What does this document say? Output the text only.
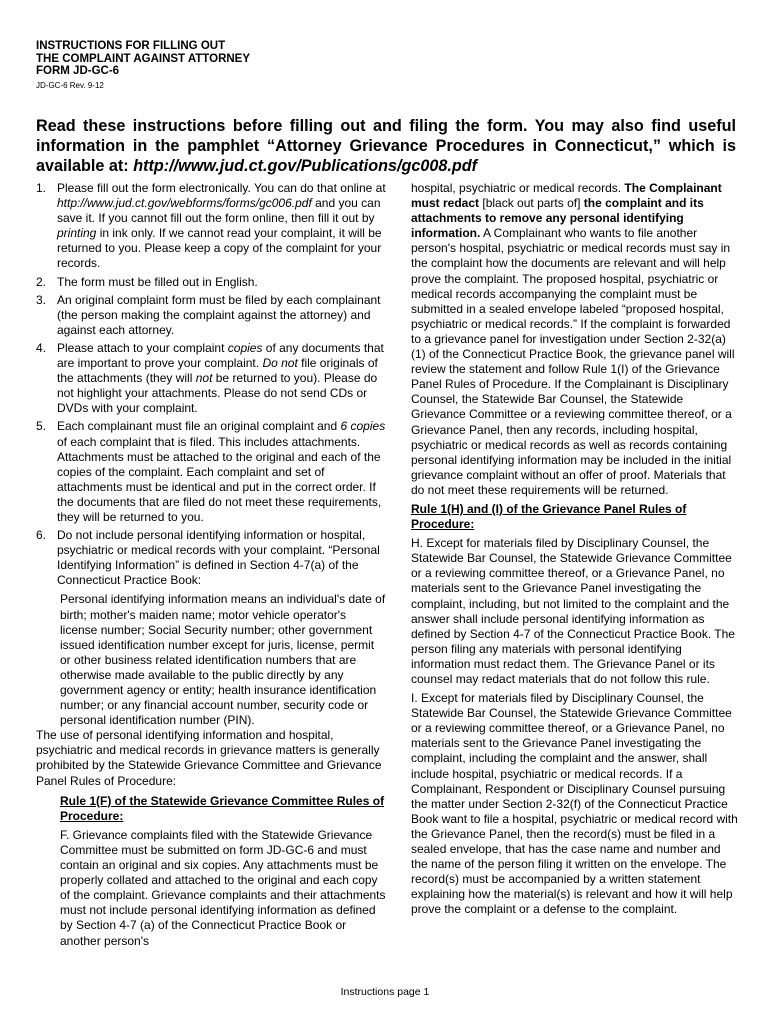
INSTRUCTIONS FOR FILLING OUT
THE COMPLAINT AGAINST ATTORNEY
FORM JD-GC-6
JD-GC-6 Rev. 9-12
Read these instructions before filling out and filing the form. You may also find useful information in the pamphlet “Attorney Grievance Procedures in Connecticut,” which is available at: http://www.jud.ct.gov/Publications/gc008.pdf
1. Please fill out the form electronically. You can do that online at http://www.jud.ct.gov/webforms/forms/gc006.pdf and you can save it. If you cannot fill out the form online, then fill it out by printing in ink only. If we cannot read your complaint, it will be returned to you. Please keep a copy of the complaint for your records.
2. The form must be filled out in English.
3. An original complaint form must be filed by each complainant (the person making the complaint against the attorney) and against each attorney.
4. Please attach to your complaint copies of any documents that are important to prove your complaint. Do not file originals of the attachments (they will not be returned to you). Please do not highlight your attachments. Please do not send CDs or DVDs with your complaint.
5. Each complainant must file an original complaint and 6 copies of each complaint that is filed. This includes attachments. Attachments must be attached to the original and each of the copies of the complaint. Each complaint and set of attachments must be identical and put in the correct order. If the documents that are filed do not meet these requirements, they will be returned to you.
6. Do not include personal identifying information or hospital, psychiatric or medical records with your complaint. “Personal Identifying Information” is defined in Section 4-7(a) of the Connecticut Practice Book:
Personal identifying information means an individual's date of birth; mother's maiden name; motor vehicle operator's license number; Social Security number; other government issued identification number except for juris, license, permit or other business related identification numbers that are otherwise made available to the public directly by any government agency or entity; health insurance identification number; or any financial account number, security code or personal identification number (PIN).
The use of personal identifying information and hospital, psychiatric and medical records in grievance matters is generally prohibited by the Statewide Grievance Committee and Grievance Panel Rules of Procedure:
Rule 1(F) of the Statewide Grievance Committee Rules of Procedure:
F. Grievance complaints filed with the Statewide Grievance Committee must be submitted on form JD-GC-6 and must contain an original and six copies. Any attachments must be properly collated and attached to the original and each copy of the complaint. Grievance complaints and their attachments must not include personal identifying information as defined by Section 4-7 (a) of the Connecticut Practice Book or another person's
hospital, psychiatric or medical records. The Complainant must redact [black out parts of] the complaint and its attachments to remove any personal identifying information. A Complainant who wants to file another person's hospital, psychiatric or medical records must say in the complaint how the documents are relevant and will help prove the complaint. The proposed hospital, psychiatric or medical records accompanying the complaint must be submitted in a sealed envelope labeled “proposed hospital, psychiatric or medical records.” If the complaint is forwarded to a grievance panel for investigation under Section 2-32(a)(1) of the Connecticut Practice Book, the grievance panel will review the statement and follow Rule 1(I) of the Grievance Panel Rules of Procedure. If the Complainant is Disciplinary Counsel, the Statewide Bar Counsel, the Statewide Grievance Committee or a reviewing committee thereof, or a Grievance Panel, then any records, including hospital, psychiatric or medical records as well as records containing personal identifying information may be included in the initial grievance complaint without an offer of proof. Materials that do not meet these requirements will be returned.
Rule 1(H) and (I) of the Grievance Panel Rules of Procedure:
H. Except for materials filed by Disciplinary Counsel, the Statewide Bar Counsel, the Statewide Grievance Committee or a reviewing committee thereof, or a Grievance Panel, no materials sent to the Grievance Panel investigating the complaint, including, but not limited to the complaint and the answer shall include personal identifying information as defined by Section 4-7 of the Connecticut Practice Book. The person filing any materials with personal identifying information must redact them. The Grievance Panel or its counsel may redact materials that do not follow this rule.
I. Except for materials filed by Disciplinary Counsel, the Statewide Bar Counsel, the Statewide Grievance Committee or a reviewing committee thereof, or a Grievance Panel, no materials sent to the Grievance Panel investigating the complaint, including the complaint and the answer, shall include hospital, psychiatric or medical records. If a Complainant, Respondent or Disciplinary Counsel pursuing the matter under Section 2-32(f) of the Connecticut Practice Book want to file a hospital, psychiatric or medical record with the Grievance Panel, then the record(s) must be filed in a sealed envelope, that has the case name and number and the name of the person filing it written on the envelope. The record(s) must be accompanied by a written statement explaining how the material(s) is relevant and how it will help prove the complaint or a defense to the complaint.
Instructions page 1
